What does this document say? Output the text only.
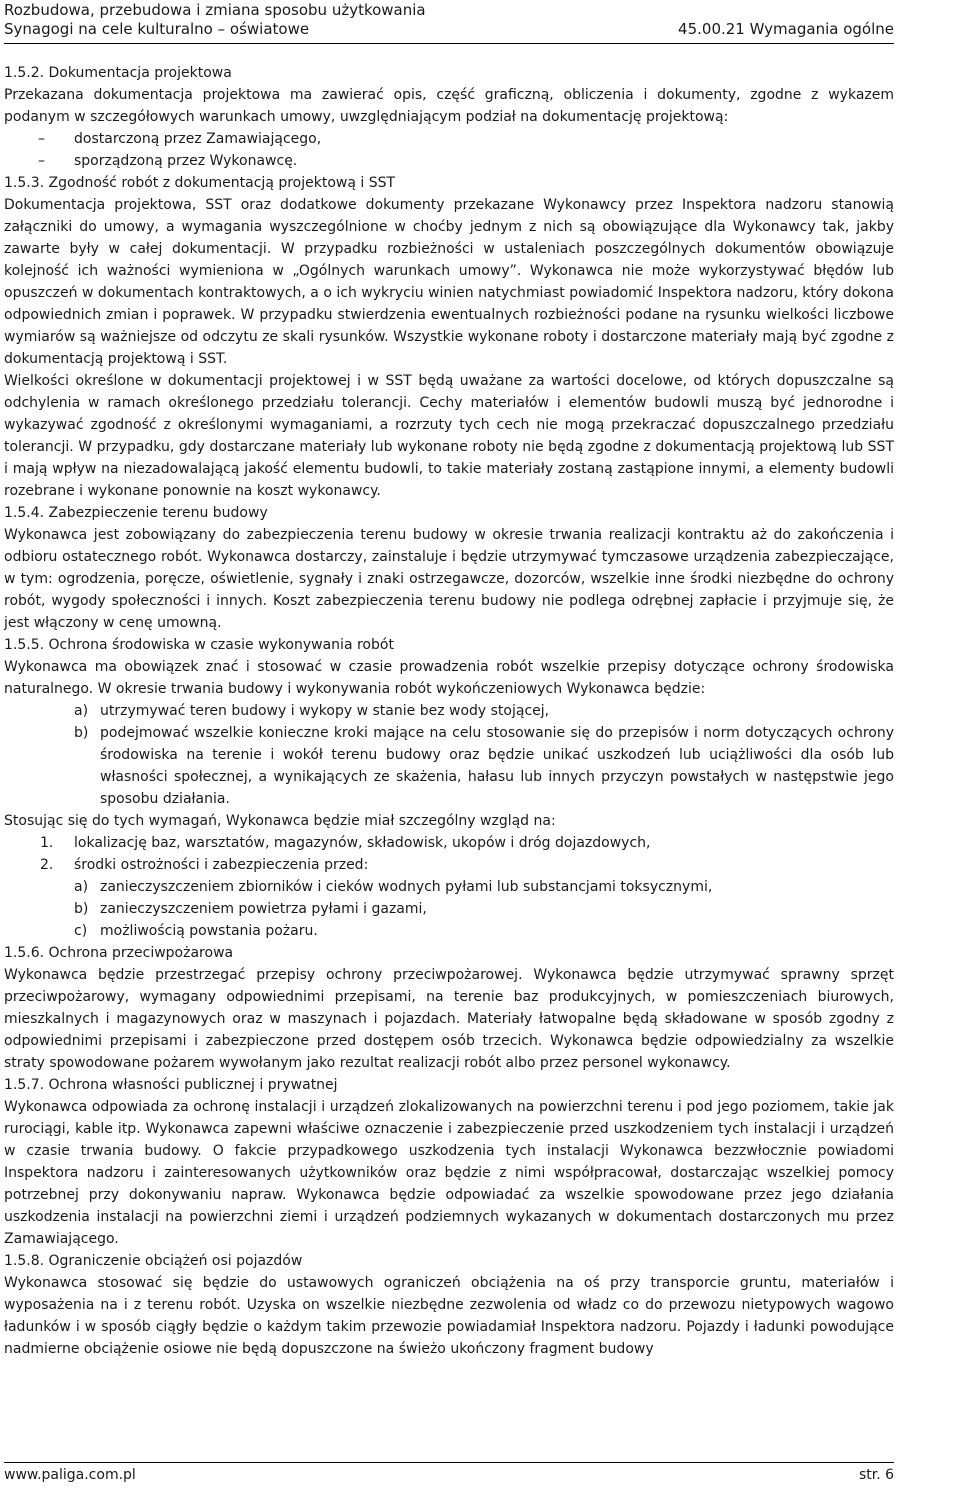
Rozbudowa, przebudowa i zmiana sposobu użytkowania
Synagogi na cele kulturalno – oświatowe	45.00.21 Wymagania ogólne

1.5.2. Dokumentacja projektowa

Przekazana dokumentacja projektowa ma zawierać opis, część graficzną, obliczenia i dokumenty, zgodne z wykazem podanym w szczegółowych warunkach umowy, uwzględniającym podział na dokumentację projektową:

– dostarczoną przez Zamawiającego,

– sporządzoną przez Wykonawcę.

1.5.3. Zgodność robót z dokumentacją projektową i SST

Dokumentacja projektowa, SST oraz dodatkowe dokumenty przekazane Wykonawcy przez Inspektora nadzoru stanowią załączniki do umowy, a wymagania wyszczególnione w choćby jednym z nich są obowiązujące dla Wykonawcy tak, jakby zawarte były w całej dokumentacji. W przypadku rozbieżności w ustaleniach poszczególnych dokumentów obowiązuje kolejność ich ważności wymieniona w „Ogólnych warunkach umowy”. Wykonawca nie może wykorzystywać błędów lub opuszczeń w dokumentach kontraktowych, a o ich wykryciu winien natychmiast powiadomić Inspektora nadzoru, który dokona odpowiednich zmian i poprawek. W przypadku stwierdzenia ewentualnych rozbieżności podane na rysunku wielkości liczbowe wymiarów są ważniejsze od odczytu ze skali rysunków. Wszystkie wykonane roboty i dostarczone materiały mają być zgodne z dokumentacją projektową i SST.

Wielkości określone w dokumentacji projektowej i w SST będą uważane za wartości docelowe, od których dopuszczalne są odchylenia w ramach określonego przedziału tolerancji. Cechy materiałów i elementów budowli muszą być jednorodne i wykazywać zgodność z określonymi wymaganiami, a rozrzuty tych cech nie mogą przekraczać dopuszczalnego przedziału tolerancji. W przypadku, gdy dostarczane materiały lub wykonane roboty nie będą zgodne z dokumentacją projektową lub SST i mają wpływ na niezadowalającą jakość elementu budowli, to takie materiały zostaną zastąpione innymi, a elementy budowli rozebrane i wykonane ponownie na koszt wykonawcy.

1.5.4. Zabezpieczenie terenu budowy

Wykonawca jest zobowiązany do zabezpieczenia terenu budowy w okresie trwania realizacji kontraktu aż do zakończenia i odbioru ostatecznego robót. Wykonawca dostarczy, zainstaluje i będzie utrzymywać tymczasowe urządzenia zabezpieczające, w tym: ogrodzenia, poręcze, oświetlenie, sygnały i znaki ostrzegawcze, dozorców, wszelkie inne środki niezbędne do ochrony robót, wygody społeczności i innych. Koszt zabezpieczenia terenu budowy nie podlega odrębnej zapłacie i przyjmuje się, że jest włączony w cenę umowną.

1.5.5. Ochrona środowiska w czasie wykonywania robót

Wykonawca ma obowiązek znać i stosować w czasie prowadzenia robót wszelkie przepisy dotyczące ochrony środowiska naturalnego. W okresie trwania budowy i wykonywania robót wykończeniowych Wykonawca będzie:

a) utrzymywać teren budowy i wykopy w stanie bez wody stojącej,

b) podejmować wszelkie konieczne kroki mające na celu stosowanie się do przepisów i norm dotyczących ochrony środowiska na terenie i wokół terenu budowy oraz będzie unikać uszkodzeń lub uciążliwości dla osób lub własności społecznej, a wynikających ze skażenia, hałasu lub innych przyczyn powstałych w następstwie jego sposobu działania.

Stosując się do tych wymagań, Wykonawca będzie miał szczególny wzgląd na:

1. lokalizację baz, warsztatów, magazynów, składowisk, ukopów i dróg dojazdowych,

2. środki ostrożności i zabezpieczenia przed:

a) zanieczyszczeniem zbiorników i cieków wodnych pyłami lub substancjami toksycznymi,

b) zanieczyszczeniem powietrza pyłami i gazami,

c) możliwością powstania pożaru.

1.5.6. Ochrona przeciwpożarowa

Wykonawca będzie przestrzegać przepisy ochrony przeciwpożarowej. Wykonawca będzie utrzymywać sprawny sprzęt przeciwpożarowy, wymagany odpowiednimi przepisami, na terenie baz produkcyjnych, w pomieszczeniach biurowych, mieszkalnych i magazynowych oraz w maszynach i pojazdach. Materiały łatwopalne będą składowane w sposób zgodny z odpowiednimi przepisami i zabezpieczone przed dostępem osób trzecich. Wykonawca będzie odpowiedzialny za wszelkie straty spowodowane pożarem wywołanym jako rezultat realizacji robót albo przez personel wykonawcy.

1.5.7. Ochrona własności publicznej i prywatnej

Wykonawca odpowiada za ochronę instalacji i urządzeń zlokalizowanych na powierzchni terenu i pod jego poziomem, takie jak rurociągi, kable itp. Wykonawca zapewni właściwe oznaczenie i zabezpieczenie przed uszkodzeniem tych instalacji i urządzeń w czasie trwania budowy. O fakcie przypadkowego uszkodzenia tych instalacji Wykonawca bezzwłocznie powiadomi Inspektora nadzoru i zainteresowanych użytkowników oraz będzie z nimi współpracował, dostarczając wszelkiej pomocy potrzebnej przy dokonywaniu napraw. Wykonawca będzie odpowiadać za wszelkie spowodowane przez jego działania uszkodzenia instalacji na powierzchni ziemi i urządzeń podziemnych wykazanych w dokumentach dostarczonych mu przez Zamawiającego.

1.5.8. Ograniczenie obciążeń osi pojazdów

Wykonawca stosować się będzie do ustawowych ograniczeń obciążenia na oś przy transporcie gruntu, materiałów i wyposażenia na i z terenu robót. Uzyska on wszelkie niezbędne zezwolenia od władz co do przewozu nietypowych wagowo ładunków i w sposób ciągły będzie o każdym takim przewozie powiadamiał Inspektora nadzoru. Pojazdy i ładunki powodujące nadmierne obciążenie osiowe nie będą dopuszczone na świeżo ukończony fragment budowy

www.paliga.com.pl	str. 6
